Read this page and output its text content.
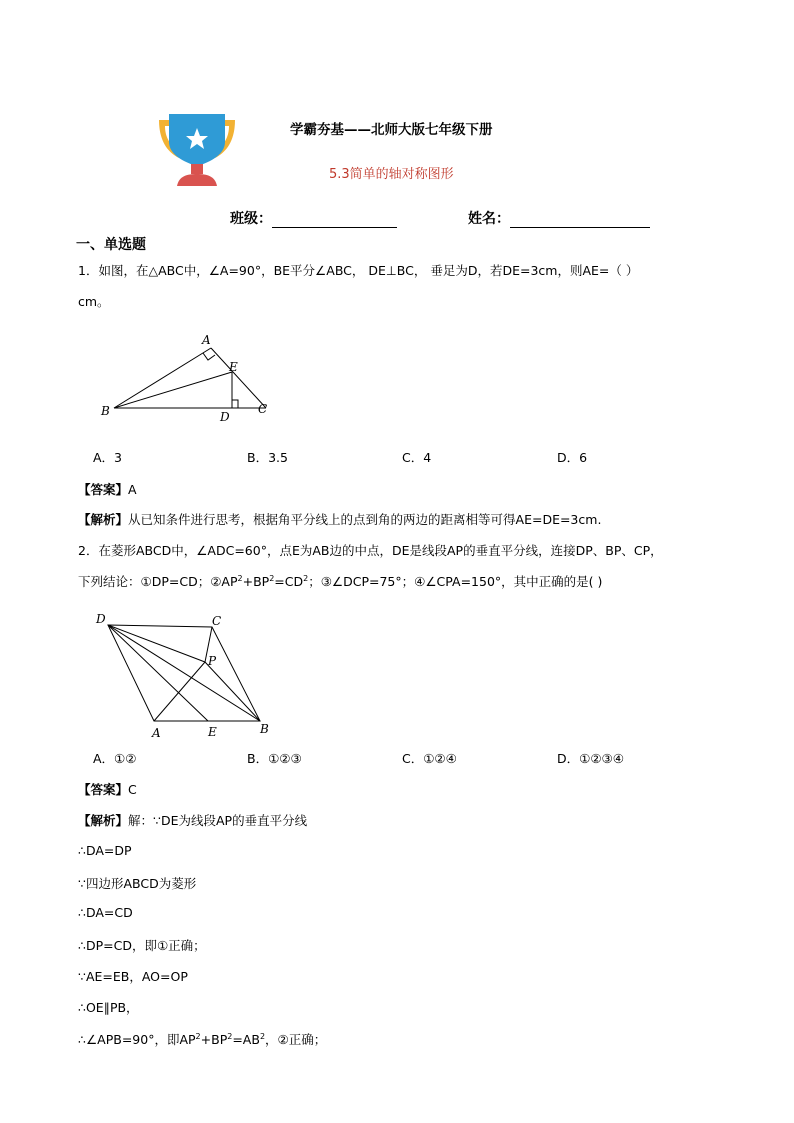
学霸夯基——北师大版七年级下册
5.3简单的轴对称图形
班级：	姓名：
一、单选题
1．如图，在△ABC中，∠A=90°，BE平分∠ABC， DE⊥BC， 垂足为D，若DE=3cm，则AE=（ ）
cm。
A
E
B	D
C
A．3	B．3.5	C．4	D．6
【答案】A
【解析】从已知条件进行思考，根据角平分线上的点到角的两边的距离相等可得AE=DE=3cm.
2．在菱形ABCD中，∠ADC=60°，点E为AB边的中点，DE是线段AP的垂直平分线，连接DP、BP、CP，
下列结论：①DP=CD；$②AP^2+BP^2=CD^2$；③∠DCP=75°；④∠CPA=150°，其中正确的是( )
D	C
P
A	E	B
A．①②	B．①②③	C．①②④	D．①②③④
【答案】C
【解析】解：∵DE为线段AP的垂直平分线
∴DA=DP
∵四边形ABCD为菱形
∴DA=CD
∴DP=CD，即①正确；
∵AE=EB，AO=OP
∴OE∥PB，
∴∠APB=90°，即$AP^2+BP^2=AB^2$，②正确；
